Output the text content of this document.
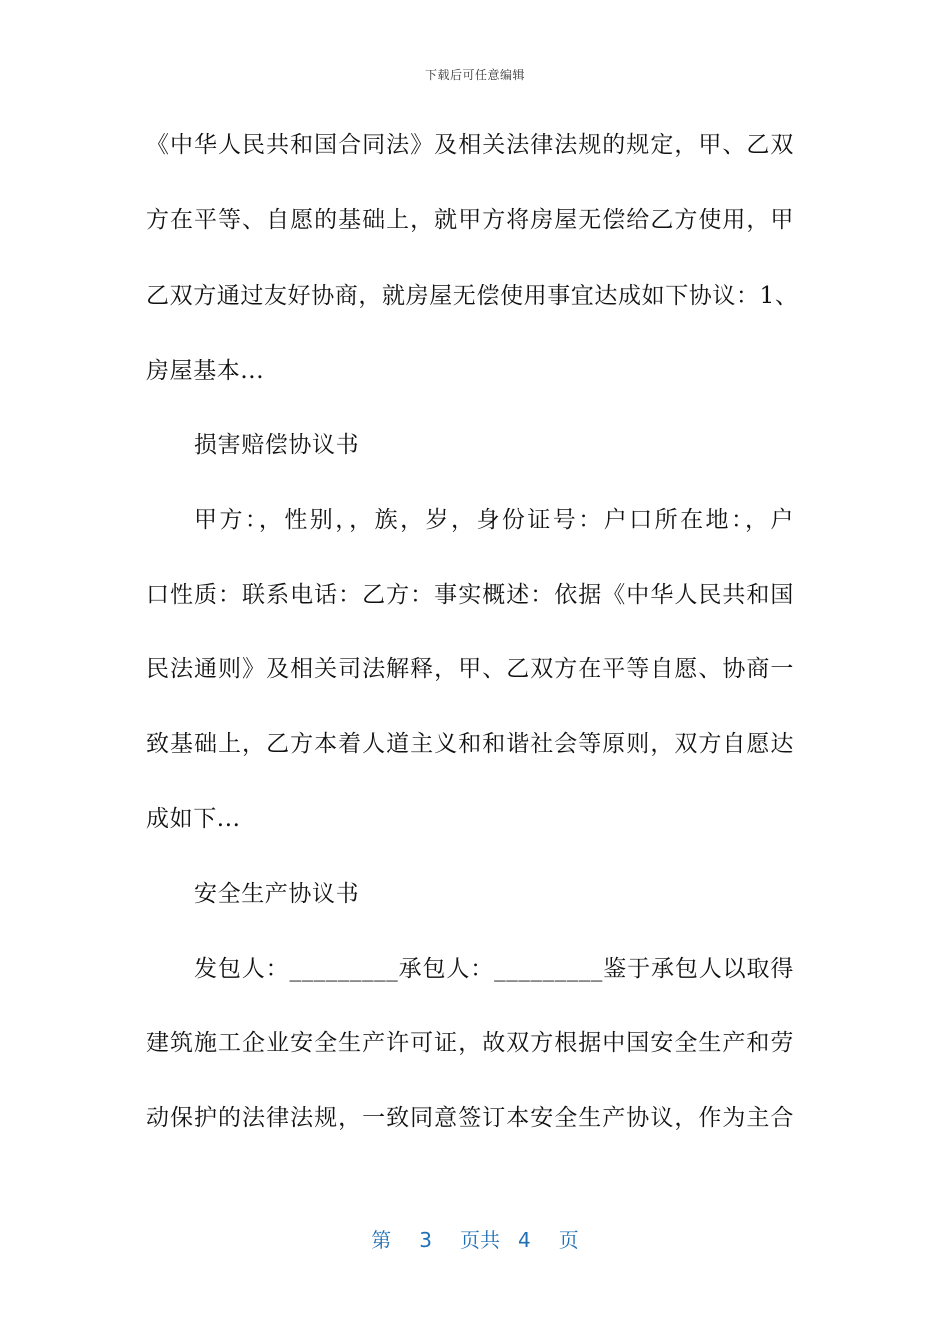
下载后可任意编辑
《中华人民共和国合同法》及相关法律法规的规定，甲、乙双
方在平等、自愿的基础上，就甲方将房屋无偿给乙方使用，甲
乙双方通过友好协商，就房屋无偿使用事宜达成如下协议：1、
房屋基本...
损害赔偿协议书
甲方：，性别，，族，岁，身份证号：户口所在地：，户
口性质：联系电话：乙方：事实概述：依据《中华人民共和国
民法通则》及相关司法解释，甲、乙双方在平等自愿、协商一
致基础上，乙方本着人道主义和和谐社会等原则，双方自愿达
成如下...
安全生产协议书
发包人：_________承包人：_________鉴于承包人以取得
建筑施工企业安全生产许可证，故双方根据中国安全生产和劳
动保护的法律法规，一致同意签订本安全生产协议，作为主合
第 3 页共 4 页
